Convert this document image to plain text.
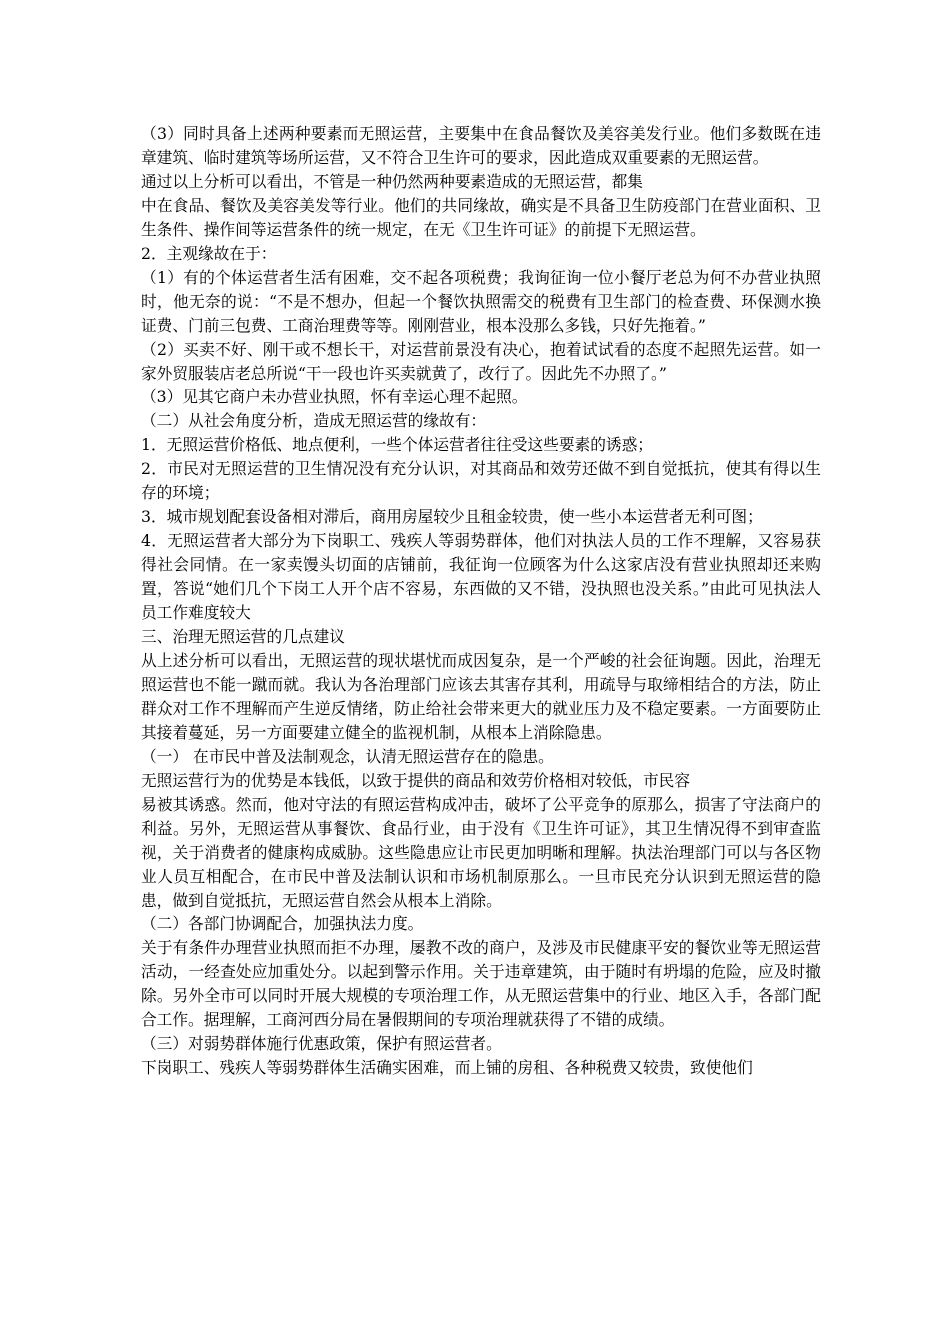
（3）同时具备上述两种要素而无照运营，主要集中在食品餐饮及美容美发行业。他们多数既在违章建筑、临时建筑等场所运营，又不符合卫生许可的要求，因此造成双重要素的无照运营。

通过以上分析可以看出，不管是一种仍然两种要素造成的无照运营，都集

中在食品、餐饮及美容美发等行业。他们的共同缘故，确实是不具备卫生防疫部门在营业面积、卫生条件、操作间等运营条件的统一规定，在无《卫生许可证》的前提下无照运营。

2．主观缘故在于：

（1）有的个体运营者生活有困难，交不起各项税费；我询征询一位小餐厅老总为何不办营业执照时，他无奈的说：“不是不想办，但起一个餐饮执照需交的税费有卫生部门的检查费、环保测水换证费、门前三包费、工商治理费等等。刚刚营业，根本没那么多钱，只好先拖着。”

（2）买卖不好、刚干或不想长干，对运营前景没有决心，抱着试试看的态度不起照先运营。如一家外贸服装店老总所说“干一段也许买卖就黄了，改行了。因此先不办照了。”

（3）见其它商户未办营业执照，怀有幸运心理不起照。

（二）从社会角度分析，造成无照运营的缘故有：

1．无照运营价格低、地点便利，一些个体运营者往往受这些要素的诱惑；

2．市民对无照运营的卫生情况没有充分认识，对其商品和效劳还做不到自觉抵抗，使其有得以生存的环境；

3．城市规划配套设备相对滞后，商用房屋较少且租金较贵，使一些小本运营者无利可图；

4．无照运营者大部分为下岗职工、残疾人等弱势群体，他们对执法人员的工作不理解，又容易获得社会同情。在一家卖馒头切面的店铺前，我征询一位顾客为什么这家店没有营业执照却还来购置，答说“她们几个下岗工人开个店不容易，东西做的又不错，没执照也没关系。”由此可见执法人员工作难度较大

三、治理无照运营的几点建议

从上述分析可以看出，无照运营的现状堪忧而成因复杂，是一个严峻的社会征询题。因此，治理无照运营也不能一蹴而就。我认为各治理部门应该去其害存其利，用疏导与取缔相结合的方法，防止群众对工作不理解而产生逆反情绪，防止给社会带来更大的就业压力及不稳定要素。一方面要防止其接着蔓延，另一方面要建立健全的监视机制，从根本上消除隐患。

（一） 在市民中普及法制观念，认清无照运营存在的隐患。

无照运营行为的优势是本钱低，以致于提供的商品和效劳价格相对较低，市民容

易被其诱惑。然而，他对守法的有照运营构成冲击，破坏了公平竞争的原那么，损害了守法商户的利益。另外，无照运营从事餐饮、食品行业，由于没有《卫生许可证》，其卫生情况得不到审查监视，关于消费者的健康构成威胁。这些隐患应让市民更加明晰和理解。执法治理部门可以与各区物业人员互相配合，在市民中普及法制认识和市场机制原那么。一旦市民充分认识到无照运营的隐患，做到自觉抵抗，无照运营自然会从根本上消除。

（二）各部门协调配合，加强执法力度。

关于有条件办理营业执照而拒不办理，屡教不改的商户，及涉及市民健康平安的餐饮业等无照运营活动，一经查处应加重处分。以起到警示作用。关于违章建筑，由于随时有坍塌的危险，应及时撤除。另外全市可以同时开展大规模的专项治理工作，从无照运营集中的行业、地区入手，各部门配合工作。据理解，工商河西分局在暑假期间的专项治理就获得了不错的成绩。

（三）对弱势群体施行优惠政策，保护有照运营者。

下岗职工、残疾人等弱势群体生活确实困难，而上铺的房租、各种税费又较贵，致使他们
